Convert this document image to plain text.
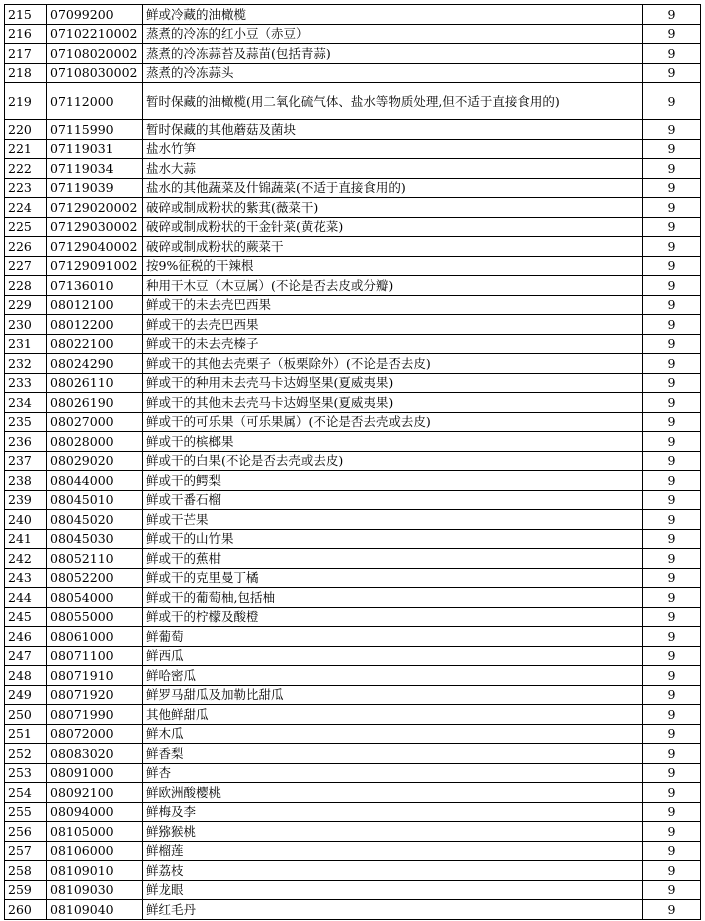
215	07099200	鲜或冷藏的油橄榄	9
216	07102210002	蒸煮的冷冻的红小豆（赤豆）	9
217	07108020002	蒸煮的冷冻蒜苔及蒜苗(包括青蒜)	9
218	07108030002	蒸煮的冷冻蒜头	9
219	07112000	暂时保藏的油橄榄(用二氧化硫气体、盐水等物质处理,但不适于直接食用的)	9
220	07115990	暂时保藏的其他蘑菇及菌块	9
221	07119031	盐水竹笋	9
222	07119034	盐水大蒜	9
223	07119039	盐水的其他蔬菜及什锦蔬菜(不适于直接食用的)	9
224	07129020002	破碎或制成粉状的紫萁(薇菜干)	9
225	07129030002	破碎或制成粉状的干金针菜(黄花菜)	9
226	07129040002	破碎或制成粉状的蕨菜干	9
227	07129091002	按9%征税的干辣根	9
228	07136010	种用干木豆（木豆属）(不论是否去皮或分瓣)	9
229	08012100	鲜或干的未去壳巴西果	9
230	08012200	鲜或干的去壳巴西果	9
231	08022100	鲜或干的未去壳榛子	9
232	08024290	鲜或干的其他去壳栗子（板栗除外）(不论是否去皮)	9
233	08026110	鲜或干的种用未去壳马卡达姆坚果(夏威夷果)	9
234	08026190	鲜或干的其他未去壳马卡达姆坚果(夏威夷果)	9
235	08027000	鲜或干的可乐果（可乐果属）(不论是否去壳或去皮)	9
236	08028000	鲜或干的槟榔果	9
237	08029020	鲜或干的白果(不论是否去壳或去皮)	9
238	08044000	鲜或干的鳄梨	9
239	08045010	鲜或干番石榴	9
240	08045020	鲜或干芒果	9
241	08045030	鲜或干的山竹果	9
242	08052110	鲜或干的蕉柑	9
243	08052200	鲜或干的克里曼丁橘	9
244	08054000	鲜或干的葡萄柚,包括柚	9
245	08055000	鲜或干的柠檬及酸橙	9
246	08061000	鲜葡萄	9
247	08071100	鲜西瓜	9
248	08071910	鲜哈密瓜	9
249	08071920	鲜罗马甜瓜及加勒比甜瓜	9
250	08071990	其他鲜甜瓜	9
251	08072000	鲜木瓜	9
252	08083020	鲜香梨	9
253	08091000	鲜杏	9
254	08092100	鲜欧洲酸樱桃	9
255	08094000	鲜梅及李	9
256	08105000	鲜猕猴桃	9
257	08106000	鲜榴莲	9
258	08109010	鲜荔枝	9
259	08109030	鲜龙眼	9
260	08109040	鲜红毛丹	9
